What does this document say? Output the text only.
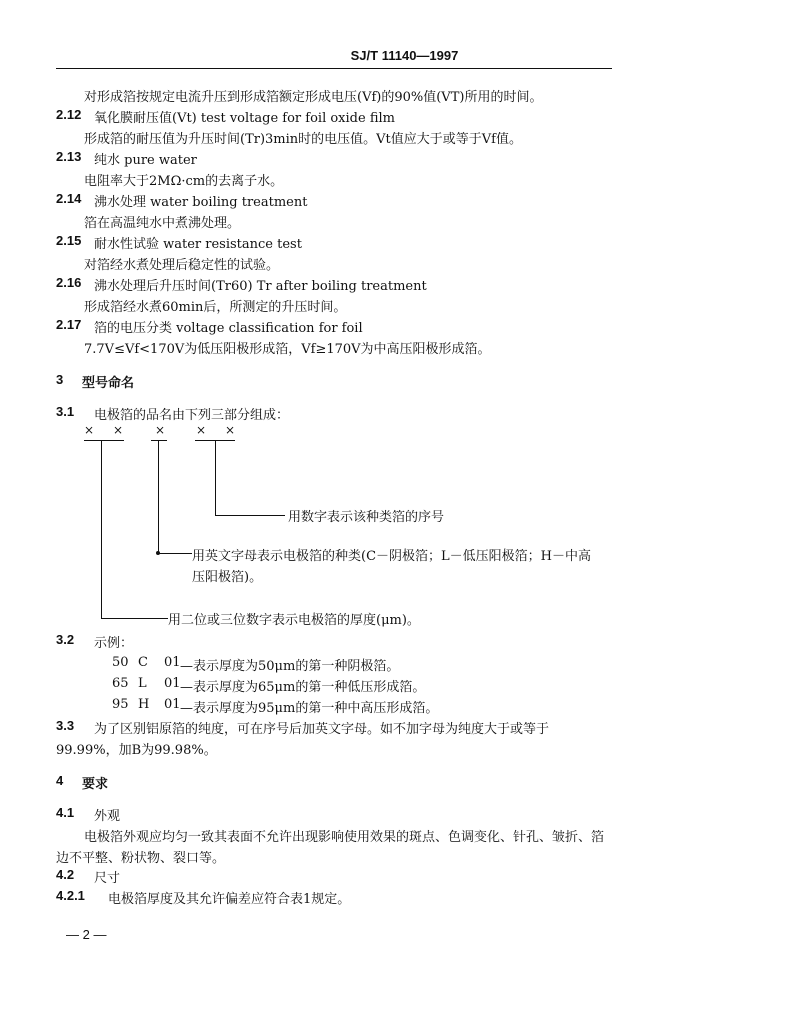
SJ/T 11140—1997
对形成箔按规定电流升压到形成箔额定形成电压(Vf)的90%值(VT)所用的时间。
2.12 氧化膜耐压值(Vt) test voltage for foil oxide film
形成箔的耐压值为升压时间(Tr)3min时的电压值。Vt值应大于或等于Vf值。
2.13 纯水 pure water
电阻率大于2MΩ·cm的去离子水。
2.14 沸水处理 water boiling treatment
箔在高温纯水中煮沸处理。
2.15 耐水性试验 water resistance test
对箔经水煮处理后稳定性的试验。
2.16 沸水处理后升压时间(Tr60) Tr after boiling treatment
形成箔经水煮60min后，所测定的升压时间。
2.17 箔的电压分类 voltage classification for foil
7.7V≤Vf<170V为低压阳极形成箔，Vf≥170V为中高压阳极形成箔。
3 型号命名
3.1 电极箔的品名由下列三部分组成：
× ×	×	× ×
用数字表示该种类箔的序号
用英文字母表示电极箔的种类(C－阴极箔；L－低压阳极箔；H－中高
压阳极箔)。
用二位或三位数字表示电极箔的厚度(μm)。
3.2 示例：
50 C 01 —表示厚度为50μm的第一种阴极箔。
65 L 01 —表示厚度为65μm的第一种低压形成箔。
95 H 01 —表示厚度为95μm的第一种中高压形成箔。
3.3 为了区别铝原箔的纯度，可在序号后加英文字母。如不加字母为纯度大于或等于
99.99%，加B为99.98%。
4 要求
4.1 外观
电极箔外观应均匀一致其表面不允许出现影响使用效果的斑点、色调变化、针孔、皱折、箔
边不平整、粉状物、裂口等。
4.2 尺寸
4.2.1 电极箔厚度及其允许偏差应符合表1规定。
— 2 —
